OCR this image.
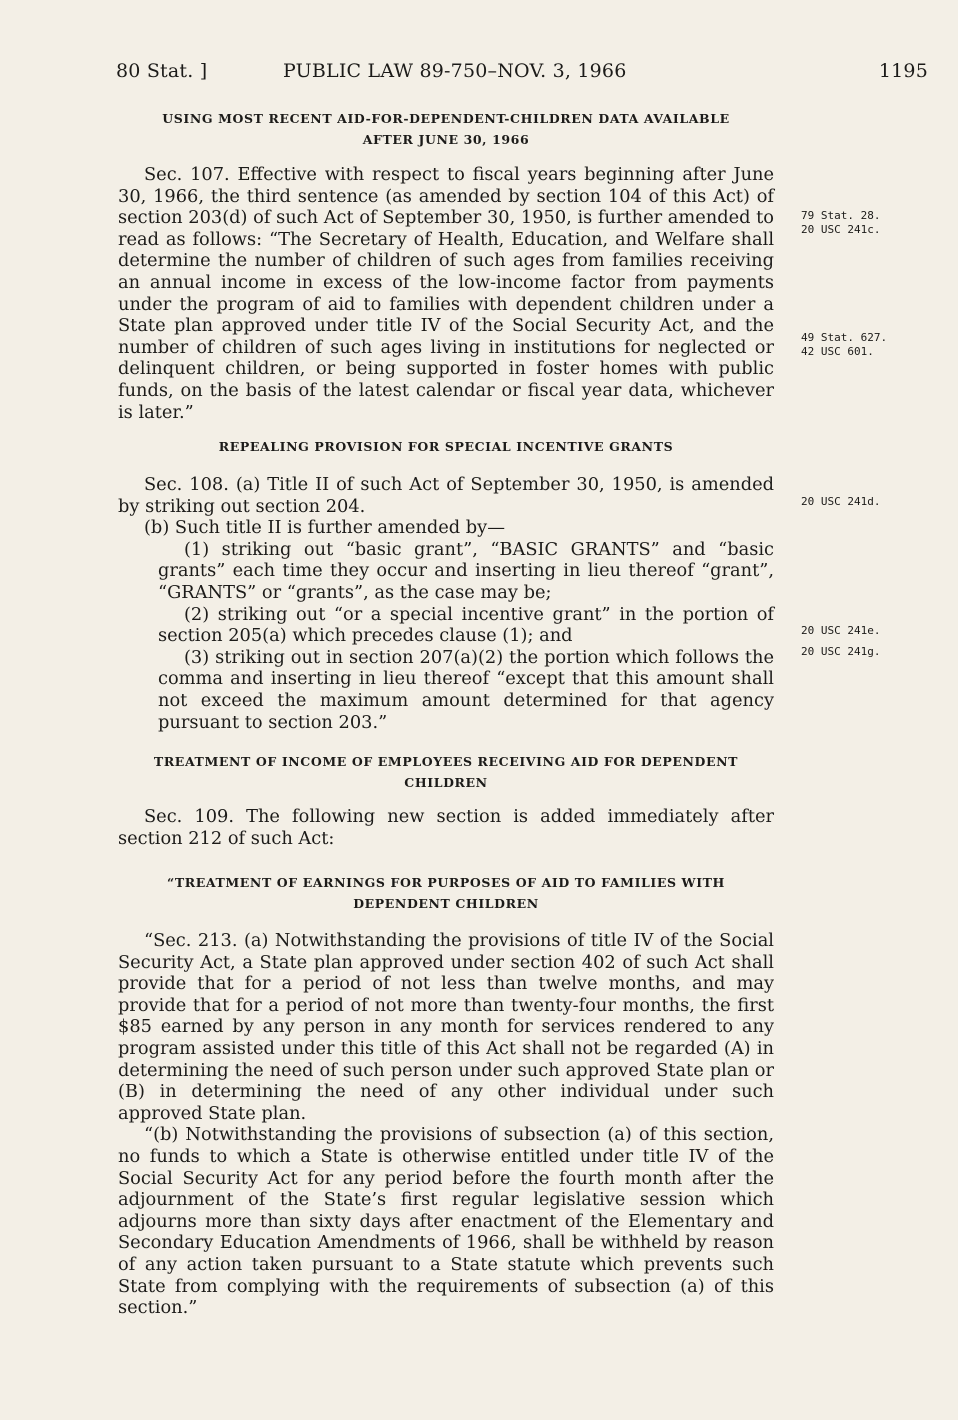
80 Stat. ]	PUBLIC LAW 89-750–NOV. 3, 1966	1195
USING MOST RECENT AID-FOR-DEPENDENT-CHILDREN DATA AVAILABLE
AFTER JUNE 30, 1966

Sec. 107. Effective with respect to fiscal years beginning after June 30, 1966, the third sentence (as amended by section 104 of this Act) of section 203(d) of such Act of September 30, 1950, is further amended to read as follows: “The Secretary of Health, Education, and Welfare shall determine the number of children of such ages from families receiving an annual income in excess of the low-income factor from payments under the program of aid to families with dependent children under a State plan approved under title IV of the Social Security Act, and the number of children of such ages living in institutions for neglected or delinquent children, or being supported in foster homes with public funds, on the basis of the latest calendar or fiscal year data, whichever is later.”

REPEALING PROVISION FOR SPECIAL INCENTIVE GRANTS

Sec. 108. (a) Title II of such Act of September 30, 1950, is amended by striking out section 204.

(b) Such title II is further amended by—

(1) striking out “basic grant”, “BASIC GRANTS” and “basic grants” each time they occur and inserting in lieu thereof “grant”, “GRANTS” or “grants”, as the case may be;

(2) striking out “or a special incentive grant” in the portion of section 205(a) which precedes clause (1); and

(3) striking out in section 207(a)(2) the portion which follows the comma and inserting in lieu thereof “except that this amount shall not exceed the maximum amount determined for that agency pursuant to section 203.”

TREATMENT OF INCOME OF EMPLOYEES RECEIVING AID FOR DEPENDENT
CHILDREN

Sec. 109. The following new section is added immediately after section 212 of such Act:

“TREATMENT OF EARNINGS FOR PURPOSES OF AID TO FAMILIES WITH
DEPENDENT CHILDREN

“Sec. 213. (a) Notwithstanding the provisions of title IV of the Social Security Act, a State plan approved under section 402 of such Act shall provide that for a period of not less than twelve months, and may provide that for a period of not more than twenty-four months, the first $85 earned by any person in any month for services rendered to any program assisted under this title of this Act shall not be regarded (A) in determining the need of such person under such approved State plan or (B) in determining the need of any other individual under such approved State plan.

“(b) Notwithstanding the provisions of subsection (a) of this section, no funds to which a State is otherwise entitled under title IV of the Social Security Act for any period before the fourth month after the adjournment of the State’s first regular legislative session which adjourns more than sixty days after enactment of the Elementary and Secondary Education Amendments of 1966, shall be withheld by reason of any action taken pursuant to a State statute which prevents such State from complying with the requirements of subsection (a) of this section.”

79 Stat. 28.
20 USC 241c.
49 Stat. 627.
42 USC 601.
20 USC 241d.
20 USC 241e.
20 USC 241g.
